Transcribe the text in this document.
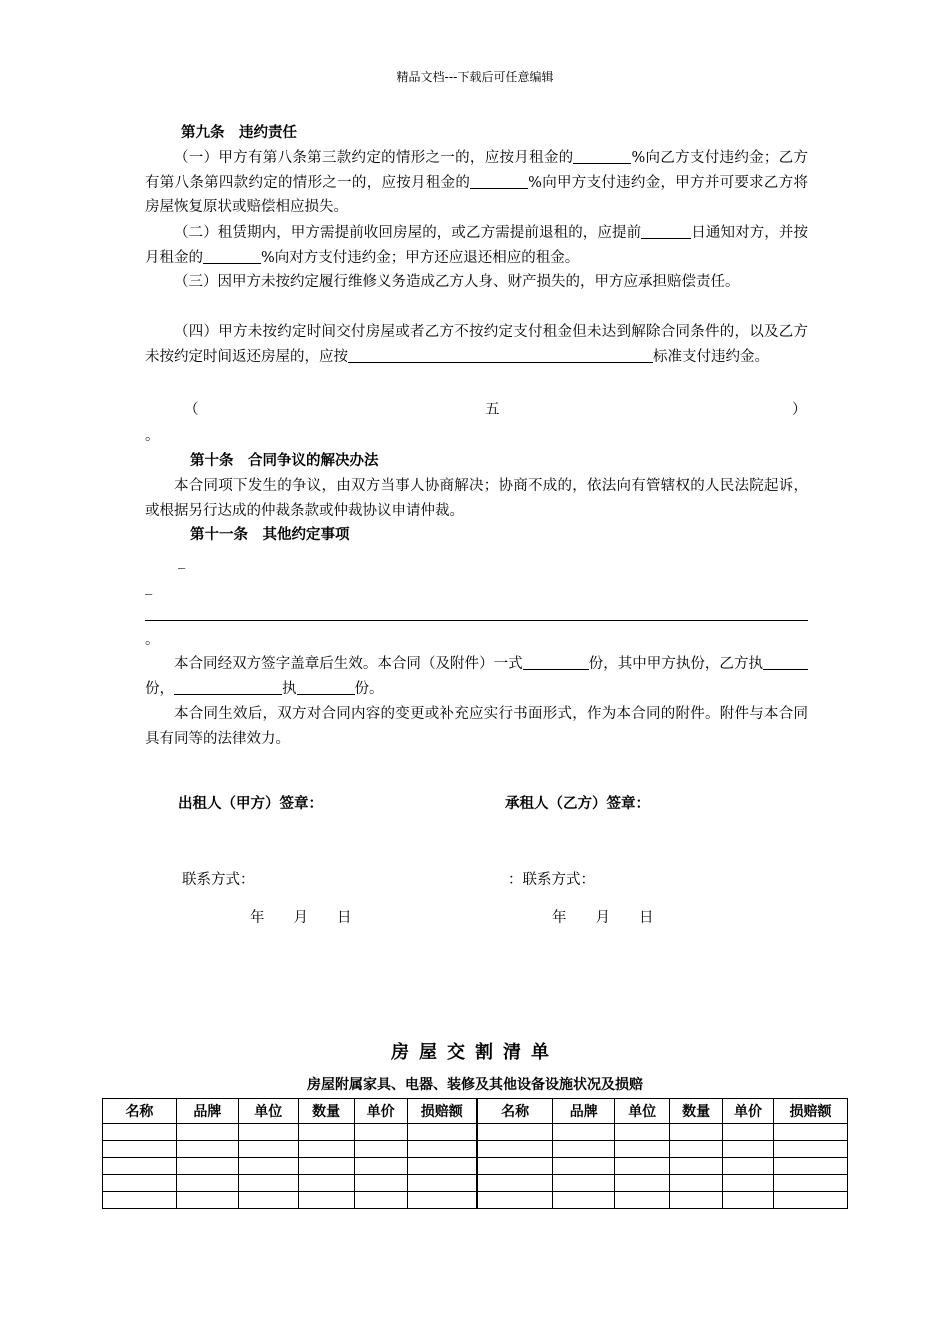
精品文档---下载后可任意编辑
第九条　违约责任
（一）甲方有第八条第三款约定的情形之一的，应按月租金的	%向乙方支付违约金；乙方有第八条第四款约定的情形之一的，应按月租金的	%向甲方支付违约金，甲方并可要求乙方将房屋恢复原状或赔偿相应损失。
（二）租赁期内，甲方需提前收回房屋的，或乙方需提前退租的，应提前	日通知对方，并按月租金的	%向对方支付违约金；甲方还应退还相应的租金。
（三）因甲方未按约定履行维修义务造成乙方人身、财产损失的，甲方应承担赔偿责任。
（四）甲方未按约定时间交付房屋或者乙方不按约定支付租金但未达到解除合同条件的，以及乙方未按约定时间返还房屋的，应按	标准支付违约金。
（	五	）
。
第十条　合同争议的解决办法
本合同项下发生的争议，由双方当事人协商解决；协商不成的，依法向有管辖权的人民法院起诉，或根据另行达成的仲裁条款或仲裁协议申请仲裁。
第十一条　其他约定事项
_
_
。
本合同经双方签字盖章后生效。本合同（及附件）一式	份，其中甲方执份，乙方执份，	执	份。
本合同生效后，双方对合同内容的变更或补充应实行书面形式，作为本合同的附件。附件与本合同具有同等的法律效力。
出租人（甲方）签章：	承租人（乙方）签章：
联系方式：	：联系方式：
年　　月　　日	年　　月　　日
房屋交割清单
房屋附属家具、电器、装修及其他设备设施状况及损赔
名称	品牌	单位	数量	单价	损赔额	名称	品牌	单位	数量	单价	损赔额
